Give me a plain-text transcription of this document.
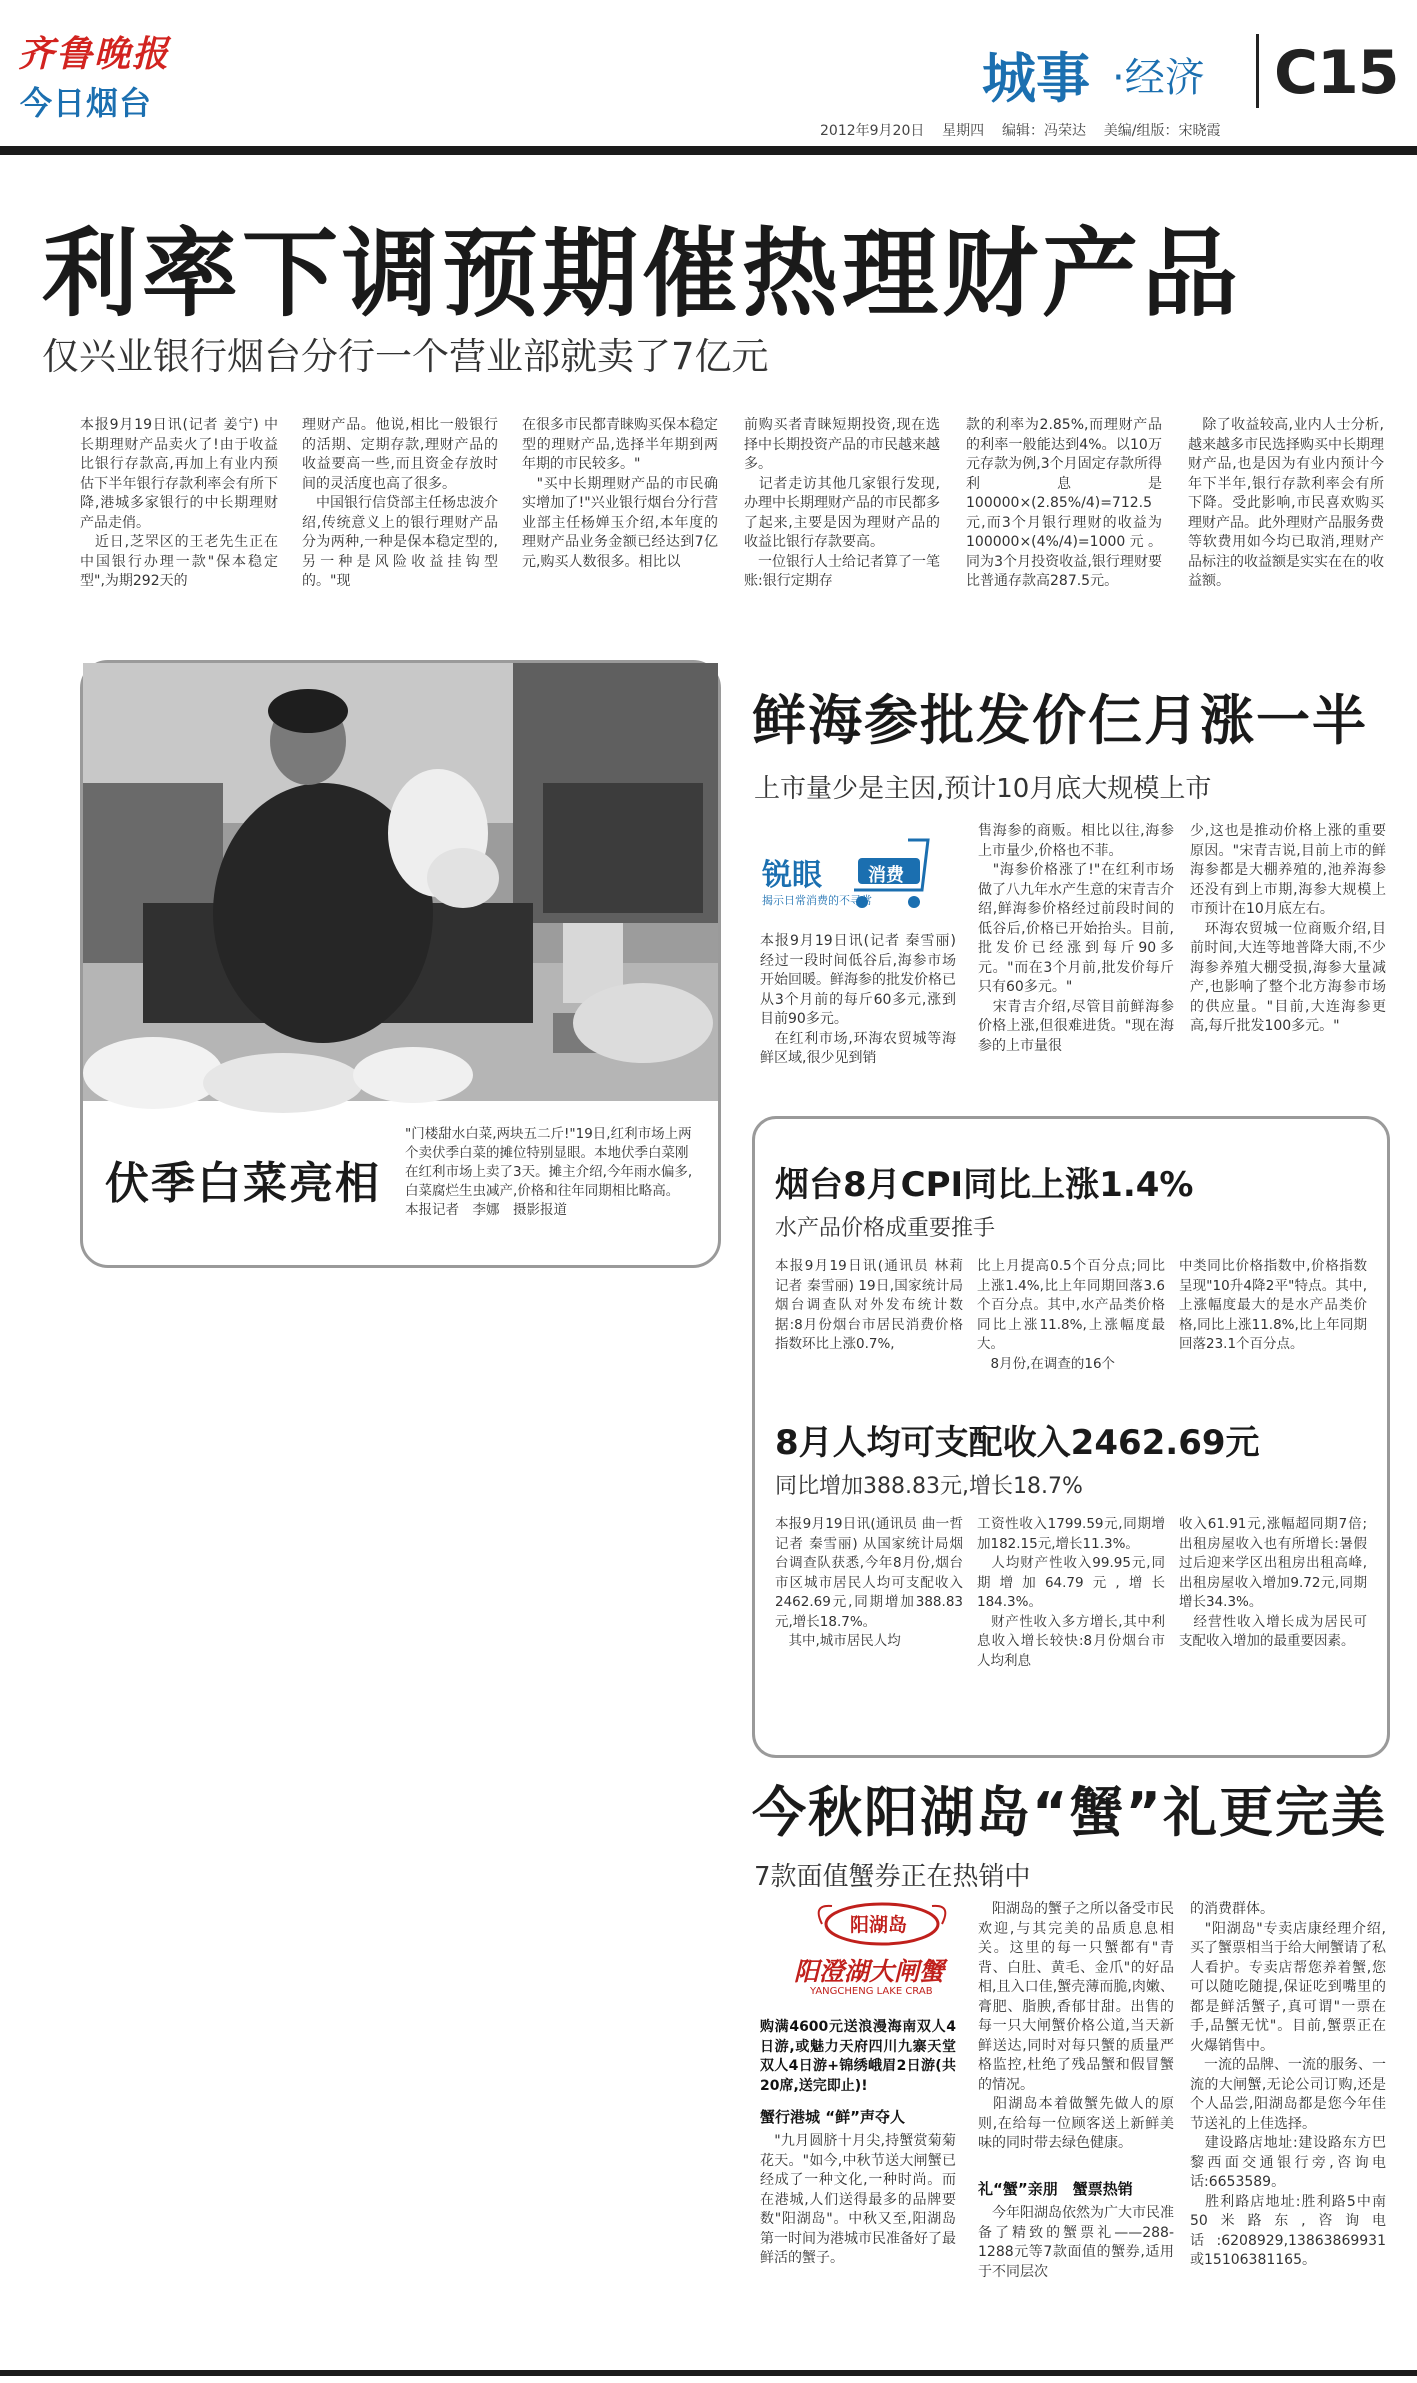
齐鲁晚报
今日烟台	城事 ·经济 C15
2012年9月20日    星期四    编辑：冯荣达    美编/组版：宋晓霞
利率下调预期催热理财产品
仅兴业银行烟台分行一个营业部就卖了7亿元
本报9月19日讯(记者 姜宁) 中长期理财产品卖火了!由于收益比银行存款高,再加上有业内预估下半年银行存款利率会有所下降,港城多家银行的中长期理财产品走俏。
　近日,芝罘区的王老先生正在中国银行办理一款"保本稳定型",为期292天的
理财产品。他说,相比一般银行的活期、定期存款,理财产品的收益要高一些,而且资金存放时间的灵活度也高了很多。
　中国银行信贷部主任杨忠波介绍,传统意义上的银行理财产品分为两种,一种是保本稳定型的,另一种是风险收益挂钩型的。"现
在很多市民都青睐购买保本稳定型的理财产品,选择半年期到两年期的市民较多。"
　"买中长期理财产品的市民确实增加了!"兴业银行烟台分行营业部主任杨婵玉介绍,本年度的理财产品业务金额已经达到7亿元,购买人数很多。相比以
前购买者青睐短期投资,现在选择中长期投资产品的市民越来越多。
　记者走访其他几家银行发现,办理中长期理财产品的市民都多了起来,主要是因为理财产品的收益比银行存款要高。
　一位银行人士给记者算了一笔账:银行定期存
款的利率为2.85%,而理财产品的利率一般能达到4%。以10万元存款为例,3个月固定存款所得利息是100000×(2.85%/4)=712.5元,而3个月银行理财的收益为100000×(4%/4)=1000元。同为3个月投资收益,银行理财要比普通存款高287.5元。
　除了收益较高,业内人士分析,越来越多市民选择购买中长期理财产品,也是因为有业内预计今年下半年,银行存款利率会有所下降。受此影响,市民喜欢购买理财产品。此外理财产品服务费等软费用如今均已取消,理财产品标注的收益额是实实在在的收益额。
伏季白菜亮相
"门楼甜水白菜,两块五二斤!"19日,红利市场上两个卖伏季白菜的摊位特别显眼。本地伏季白菜刚在红利市场上卖了3天。摊主介绍,今年雨水偏多,白菜腐烂生虫减产,价格和往年同期相比略高。
本报记者　李娜　摄影报道
鲜海参批发价仨月涨一半
上市量少是主因,预计10月底大规模上市
锐眼	消费
揭示日常消费的不寻常
本报9月19日讯(记者 秦雪丽) 经过一段时间低谷后,海参市场开始回暖。鲜海参的批发价格已从3个月前的每斤60多元,涨到目前90多元。
　在红利市场,环海农贸城等海鲜区域,很少见到销
售海参的商贩。相比以往,海参上市量少,价格也不菲。
　"海参价格涨了!"在红利市场做了八九年水产生意的宋青吉介绍,鲜海参价格经过前段时间的低谷后,价格已开始抬头。目前,批发价已经涨到每斤90多元。"而在3个月前,批发价每斤只有60多元。"
　宋青吉介绍,尽管目前鲜海参价格上涨,但很难进货。"现在海参的上市量很
少,这也是推动价格上涨的重要原因。"宋青吉说,目前上市的鲜海参都是大棚养殖的,池养海参还没有到上市期,海参大规模上市预计在10月底左右。
　环海农贸城一位商贩介绍,目前时间,大连等地普降大雨,不少海参养殖大棚受损,海参大量减产,也影响了整个北方海参市场的供应量。"目前,大连海参更高,每斤批发100多元。"
烟台8月CPI同比上涨1.4%
水产品价格成重要推手
本报9月19日讯(通讯员 林莉 记者 秦雪丽) 19日,国家统计局烟台调查队对外发布统计数据:8月份烟台市居民消费价格指数环比上涨0.7%,
比上月提高0.5个百分点;同比上涨1.4%,比上年同期回落3.6个百分点。其中,水产品类价格同比上涨11.8%,上涨幅度最大。
　8月份,在调查的16个
中类同比价格指数中,价格指数呈现"10升4降2平"特点。其中,上涨幅度最大的是水产品类价格,同比上涨11.8%,比上年同期回落23.1个百分点。
8月人均可支配收入2462.69元
同比增加388.83元,增长18.7%
本报9月19日讯(通讯员 曲一哲 记者 秦雪丽) 从国家统计局烟台调查队获悉,今年8月份,烟台市区城市居民人均可支配收入2462.69元,同期增加388.83元,增长18.7%。
　其中,城市居民人均
工资性收入1799.59元,同期增加182.15元,增长11.3%。
　人均财产性收入99.95元,同期增加64.79元,增长184.3%。
　财产性收入多方增长,其中利息收入增长较快:8月份烟台市人均利息
收入61.91元,涨幅超同期7倍;出租房屋收入也有所增长:暑假过后迎来学区出租房出租高峰,出租房屋收入增加9.72元,同期增长34.3%。
　经营性收入增长成为居民可支配收入增加的最重要因素。
今秋阳湖岛“蟹”礼更完美
7款面值蟹券正在热销中
阳湖岛
阳澄湖大闸蟹
YANGCHENG LAKE CRAB
购满4600元送浪漫海南双人4日游,或魅力天府四川九寨天堂双人4日游+锦绣峨眉2日游(共20席,送完即止)!
蟹行港城 “鲜”声夺人
　"九月圆脐十月尖,持蟹赏菊菊花天。"如今,中秋节送大闸蟹已经成了一种文化,一种时尚。而在港城,人们送得最多的品牌要数"阳湖岛"。中秋又至,阳湖岛第一时间为港城市民准备好了最鲜活的蟹子。
　阳湖岛的蟹子之所以备受市民欢迎,与其完美的品质息息相关。这里的每一只蟹都有"青背、白肚、黄毛、金爪"的好品相,且入口佳,蟹壳薄而脆,肉嫩、膏肥、脂腴,香郁甘甜。出售的每一只大闸蟹价格公道,当天新鲜送达,同时对每只蟹的质量严格监控,杜绝了残品蟹和假冒蟹的情况。
　阳湖岛本着做蟹先做人的原则,在给每一位顾客送上新鲜美味的同时带去绿色健康。
礼“蟹”亲朋　蟹票热销
　今年阳湖岛依然为广大市民准备了精致的蟹票礼——288-1288元等7款面值的蟹券,适用于不同层次
的消费群体。
　"阳湖岛"专卖店康经理介绍,买了蟹票相当于给大闸蟹请了私人看护。专卖店帮您养着蟹,您可以随吃随提,保证吃到嘴里的都是鲜活蟹子,真可谓"一票在手,品蟹无忧"。目前,蟹票正在火爆销售中。
　一流的品牌、一流的服务、一流的大闸蟹,无论公司订购,还是个人品尝,阳湖岛都是您今年佳节送礼的上佳选择。
　建设路店地址:建设路东方巴黎西面交通银行旁,咨询电话:6653589。
　胜利路店地址:胜利路5中南50米路东,咨询电话:6208929,13863869931或15106381165。
